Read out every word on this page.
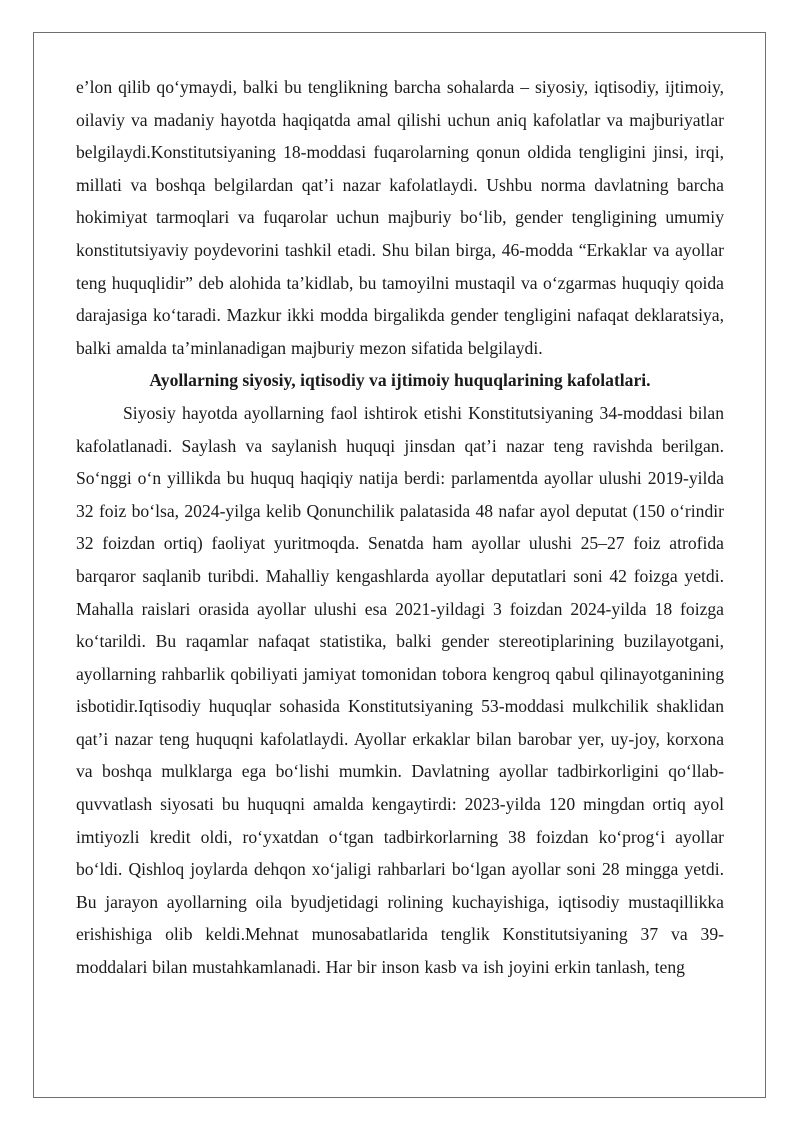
e’lon qilib qo‘ymaydi, balki bu tenglikning barcha sohalarda – siyosiy, iqtisodiy, ijtimoiy, oilaviy va madaniy hayotda haqiqatda amal qilishi uchun aniq kafolatlar va majburiyatlar belgilaydi.Konstitutsiyaning 18-moddasi fuqarolarning qonun oldida tengligini jinsi, irqi, millati va boshqa belgilardan qat’i nazar kafolatlaydi. Ushbu norma davlatning barcha hokimiyat tarmoqlari va fuqarolar uchun majburiy bo‘lib, gender tengligining umumiy konstitutsiyaviy poydevorini tashkil etadi. Shu bilan birga, 46-modda “Erkaklar va ayollar teng huquqlidir” deb alohida ta’kidlab, bu tamoyilni mustaqil va o‘zgarmas huquqiy qoida darajasiga ko‘taradi. Mazkur ikki modda birgalikda gender tengligini nafaqat deklaratsiya, balki amalda ta’minlanadigan majburiy mezon sifatida belgilaydi.

Ayollarning siyosiy, iqtisodiy va ijtimoiy huquqlarining kafolatlari.

Siyosiy hayotda ayollarning faol ishtirok etishi Konstitutsiyaning 34-moddasi bilan kafolatlanadi. Saylash va saylanish huquqi jinsdan qat’i nazar teng ravishda berilgan. So‘nggi o‘n yillikda bu huquq haqiqiy natija berdi: parlamentda ayollar ulushi 2019-yilda 32 foiz bo‘lsa, 2024-yilga kelib Qonunchilik palatasida 48 nafar ayol deputat (150 o‘rindir 32 foizdan ortiq) faoliyat yuritmoqda. Senatda ham ayollar ulushi 25–27 foiz atrofida barqaror saqlanib turibdi. Mahalliy kengashlarda ayollar deputatlari soni 42 foizga yetdi. Mahalla raislari orasida ayollar ulushi esa 2021-yildagi 3 foizdan 2024-yilda 18 foizga ko‘tarildi. Bu raqamlar nafaqat statistika, balki gender stereotiplarining buzilayotgani, ayollarning rahbarlik qobiliyati jamiyat tomonidan tobora kengroq qabul qilinayotganining isbotidir.Iqtisodiy huquqlar sohasida Konstitutsiyaning 53-moddasi mulkchilik shaklidan qat’i nazar teng huquqni kafolatlaydi. Ayollar erkaklar bilan barobar yer, uy-joy, korxona va boshqa mulklarga ega bo‘lishi mumkin. Davlatning ayollar tadbirkorligini qo‘llab-quvvatlash siyosati bu huquqni amalda kengaytirdi: 2023-yilda 120 mingdan ortiq ayol imtiyozli kredit oldi, ro‘yxatdan o‘tgan tadbirkorlarning 38 foizdan ko‘prog‘i ayollar bo‘ldi. Qishloq joylarda dehqon xo‘jaligi rahbarlari bo‘lgan ayollar soni 28 mingga yetdi. Bu jarayon ayollarning oila byudjetidagi rolining kuchayishiga, iqtisodiy mustaqillikka erishishiga olib keldi.Mehnat munosabatlarida tenglik Konstitutsiyaning 37 va 39-moddalari bilan mustahkamlanadi. Har bir inson kasb va ish joyini erkin tanlash, teng
